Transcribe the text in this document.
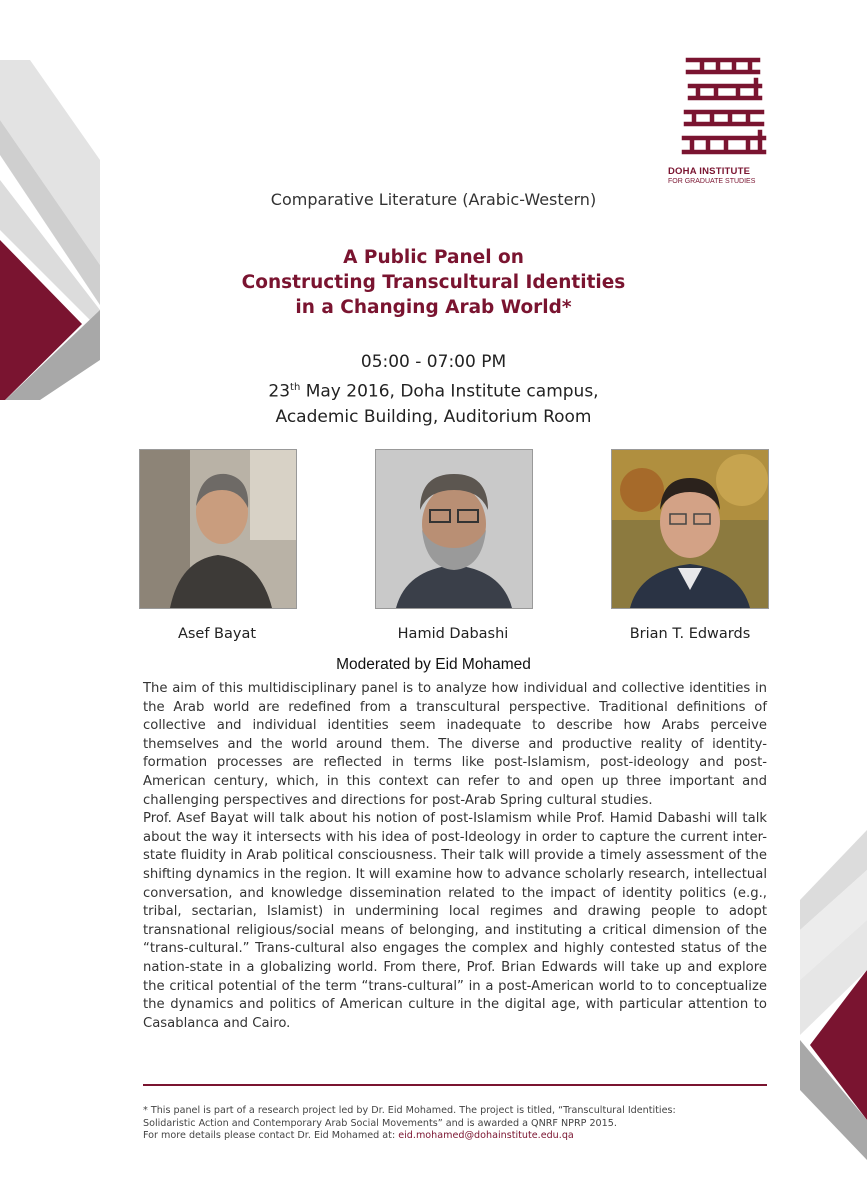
DOHA INSTITUTE
FOR GRADUATE STUDIES
Comparative Literature (Arabic-Western)
A Public Panel on
Constructing Transcultural Identities
in a Changing Arab World*
05:00 - 07:00 PM
23th May 2016, Doha Institute campus,
Academic Building, Auditorium Room
Asef Bayat	Hamid Dabashi	Brian T. Edwards
Moderated by Eid Mohamed

The aim of this multidisciplinary panel is to analyze how individual and collective identities in the Arab world are redefined from a transcultural perspective. Traditional definitions of collective and individual identities seem inadequate to describe how Arabs perceive themselves and the world around them. The diverse and productive reality of identity-formation processes are reflected in terms like post-Islamism, post-ideology and post-American century, which, in this context can refer to and open up three important and challenging perspectives and directions for post-Arab Spring cultural studies.

Prof. Asef Bayat will talk about his notion of post-Islamism while Prof. Hamid Dabashi will talk about the way it intersects with his idea of post-Ideology in order to capture the current inter-state fluidity in Arab political consciousness. Their talk will provide a timely assessment of the shifting dynamics in the region. It will examine how to advance scholarly research, intellectual conversation, and knowledge dissemination related to the impact of identity politics (e.g., tribal, sectarian, Islamist) in undermining local regimes and drawing people to adopt transnational religious/social means of belonging, and instituting a critical dimension of the “trans-cultural.” Trans-cultural also engages the complex and highly contested status of the nation-state in a globalizing world. From there, Prof. Brian Edwards will take up and explore the critical potential of the term “trans-cultural” in a post-American world to to conceptualize the dynamics and politics of American culture in the digital age, with particular attention to Casablanca and Cairo.

* This panel is part of a research project led by Dr. Eid Mohamed. The project is titled, “Transcultural Identities:
Solidaristic Action and Contemporary Arab Social Movements” and is awarded a QNRF NPRP 2015.
For more details please contact Dr. Eid Mohamed at: eid.mohamed@dohainstitute.edu.qa
